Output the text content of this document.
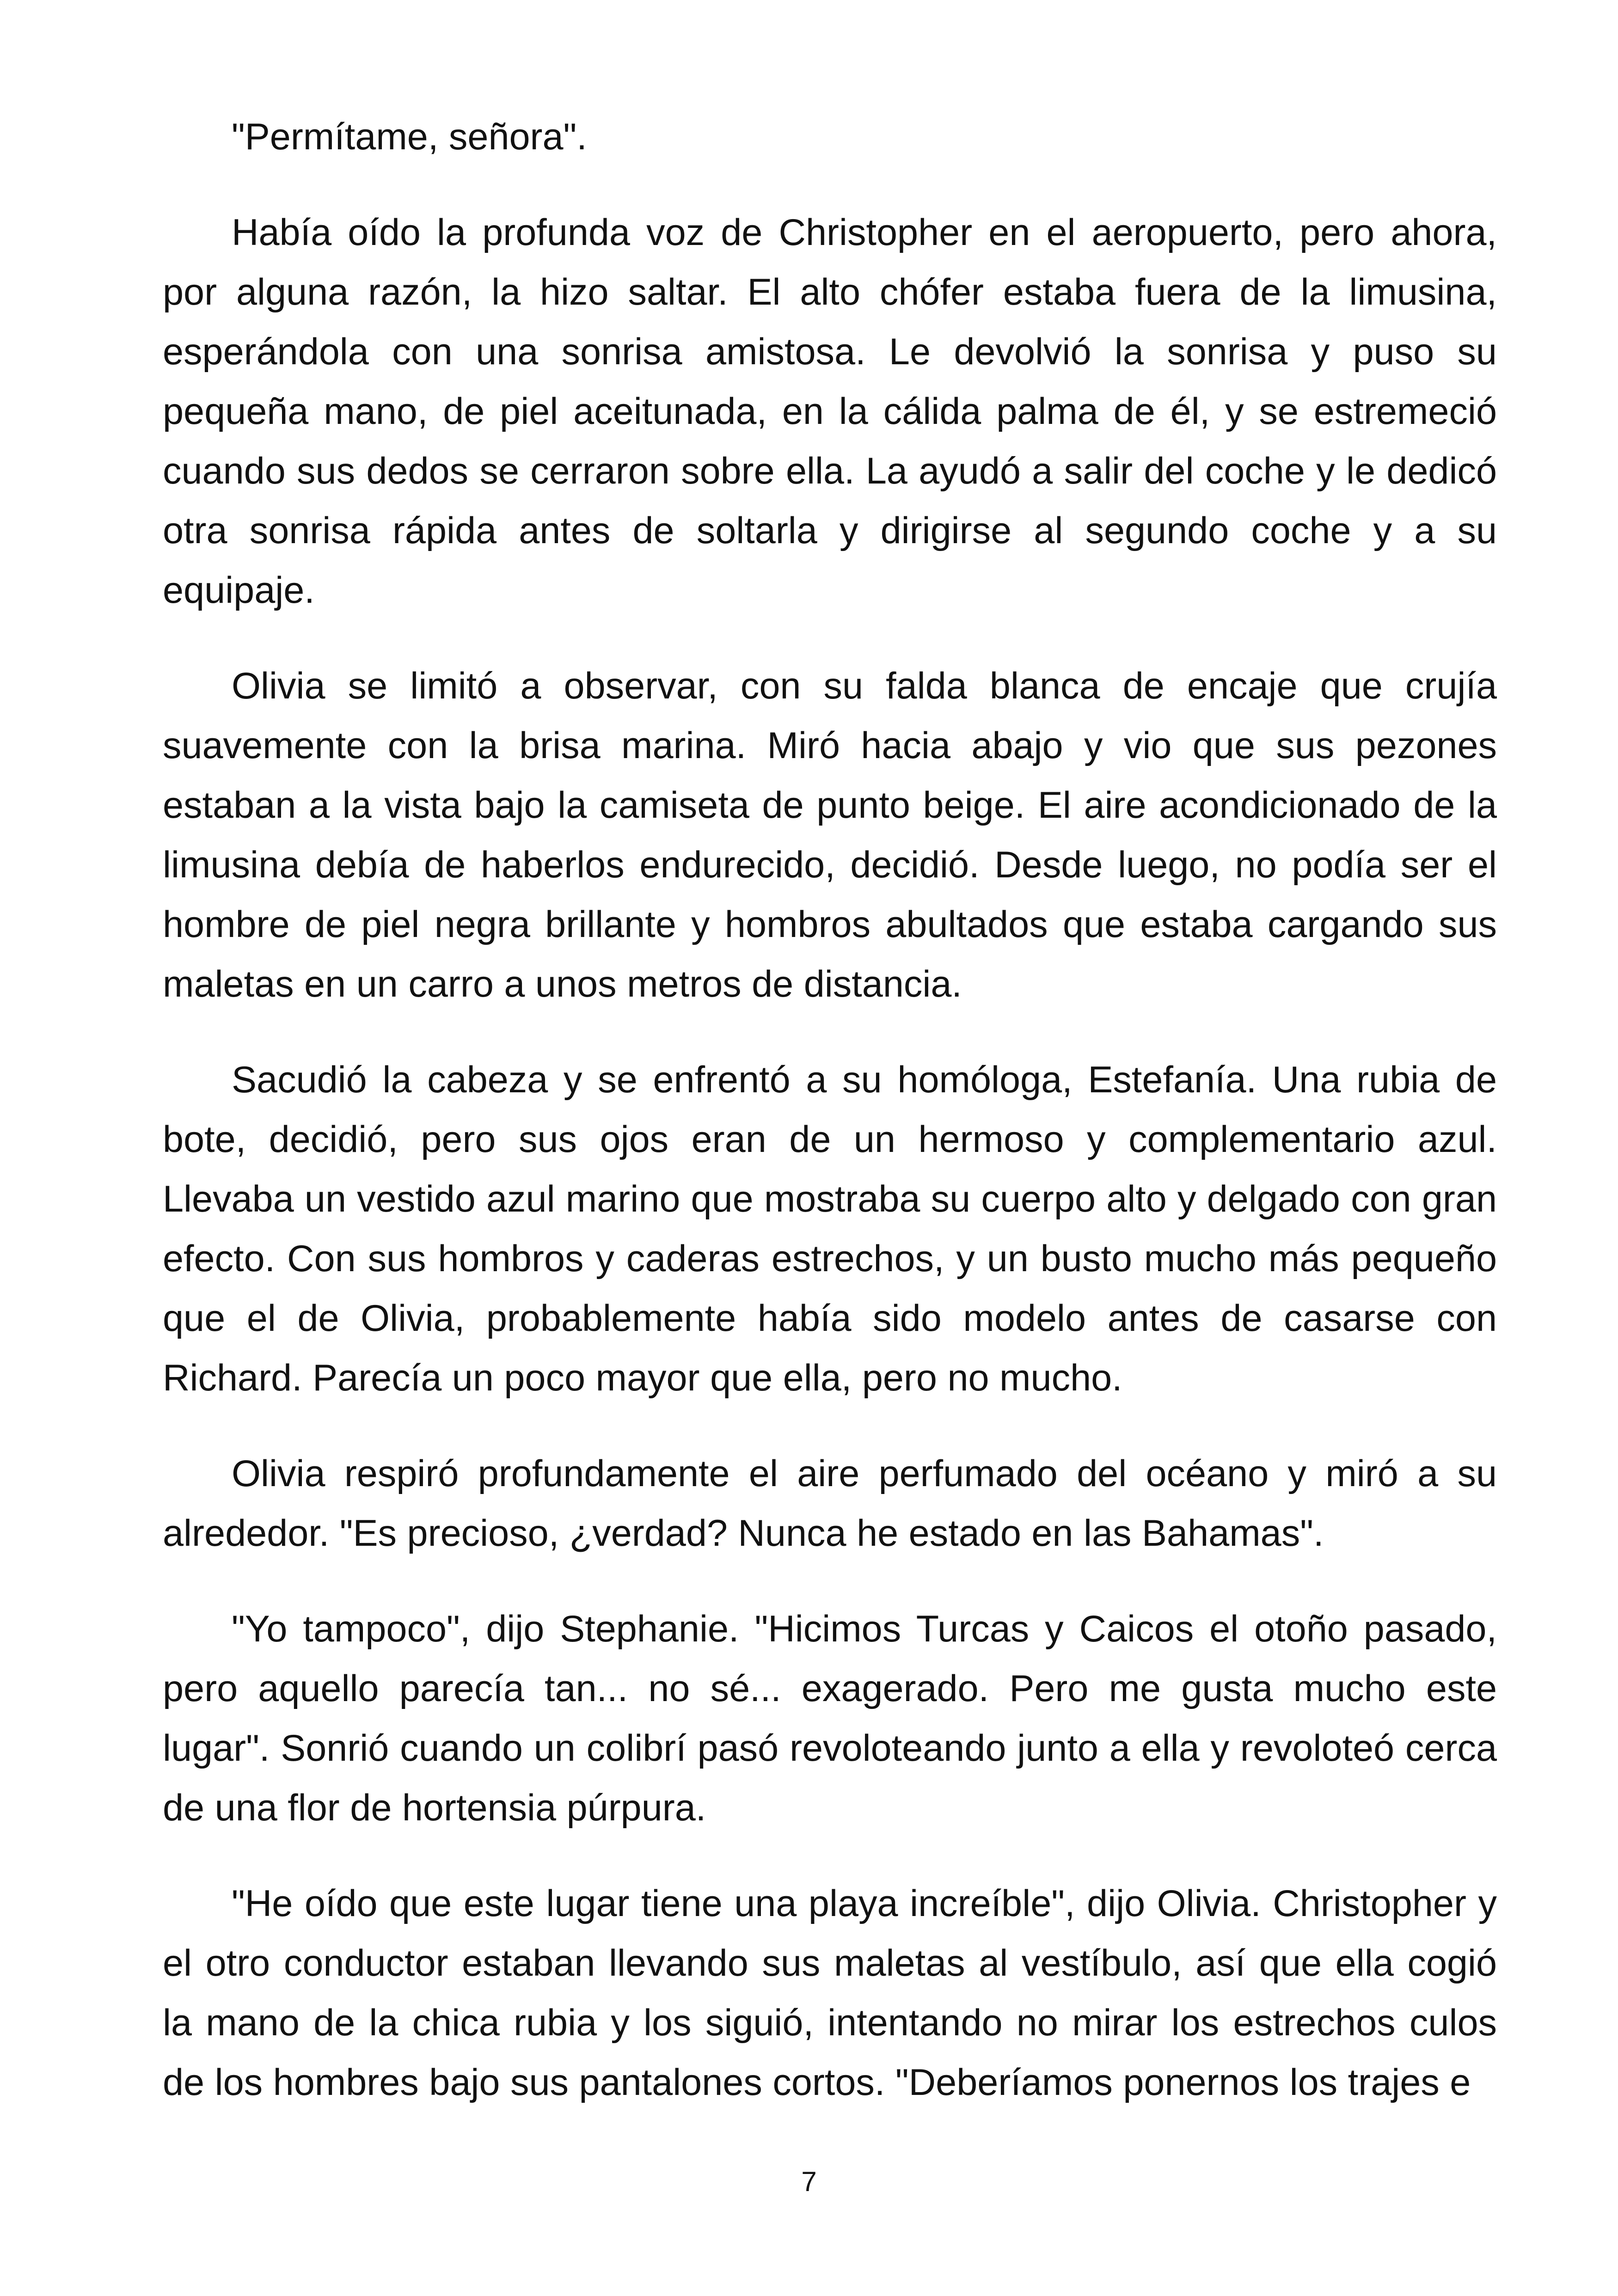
"Permítame, señora".

Había oído la profunda voz de Christopher en el aeropuerto, pero ahora, por alguna razón, la hizo saltar. El alto chófer estaba fuera de la limusina, esperándola con una sonrisa amistosa. Le devolvió la sonrisa y puso su pequeña mano, de piel aceitunada, en la cálida palma de él, y se estremeció cuando sus dedos se cerraron sobre ella. La ayudó a salir del coche y le dedicó otra sonrisa rápida antes de soltarla y dirigirse al segundo coche y a su equipaje.

Olivia se limitó a observar, con su falda blanca de encaje que crujía suavemente con la brisa marina. Miró hacia abajo y vio que sus pezones estaban a la vista bajo la camiseta de punto beige. El aire acondicionado de la limusina debía de haberlos endurecido, decidió. Desde luego, no podía ser el hombre de piel negra brillante y hombros abultados que estaba cargando sus maletas en un carro a unos metros de distancia.

Sacudió la cabeza y se enfrentó a su homóloga, Estefanía. Una rubia de bote, decidió, pero sus ojos eran de un hermoso y complementario azul. Llevaba un vestido azul marino que mostraba su cuerpo alto y delgado con gran efecto. Con sus hombros y caderas estrechos, y un busto mucho más pequeño que el de Olivia, probablemente había sido modelo antes de casarse con Richard. Parecía un poco mayor que ella, pero no mucho.

Olivia respiró profundamente el aire perfumado del océano y miró a su alrededor. "Es precioso, ¿verdad? Nunca he estado en las Bahamas".

"Yo tampoco", dijo Stephanie. "Hicimos Turcas y Caicos el otoño pasado, pero aquello parecía tan... no sé... exagerado. Pero me gusta mucho este lugar". Sonrió cuando un colibrí pasó revoloteando junto a ella y revoloteó cerca de una flor de hortensia púrpura.

"He oído que este lugar tiene una playa increíble", dijo Olivia. Christopher y el otro conductor estaban llevando sus maletas al vestíbulo, así que ella cogió la mano de la chica rubia y los siguió, intentando no mirar los estrechos culos de los hombres bajo sus pantalones cortos. "Deberíamos ponernos los trajes e

7
